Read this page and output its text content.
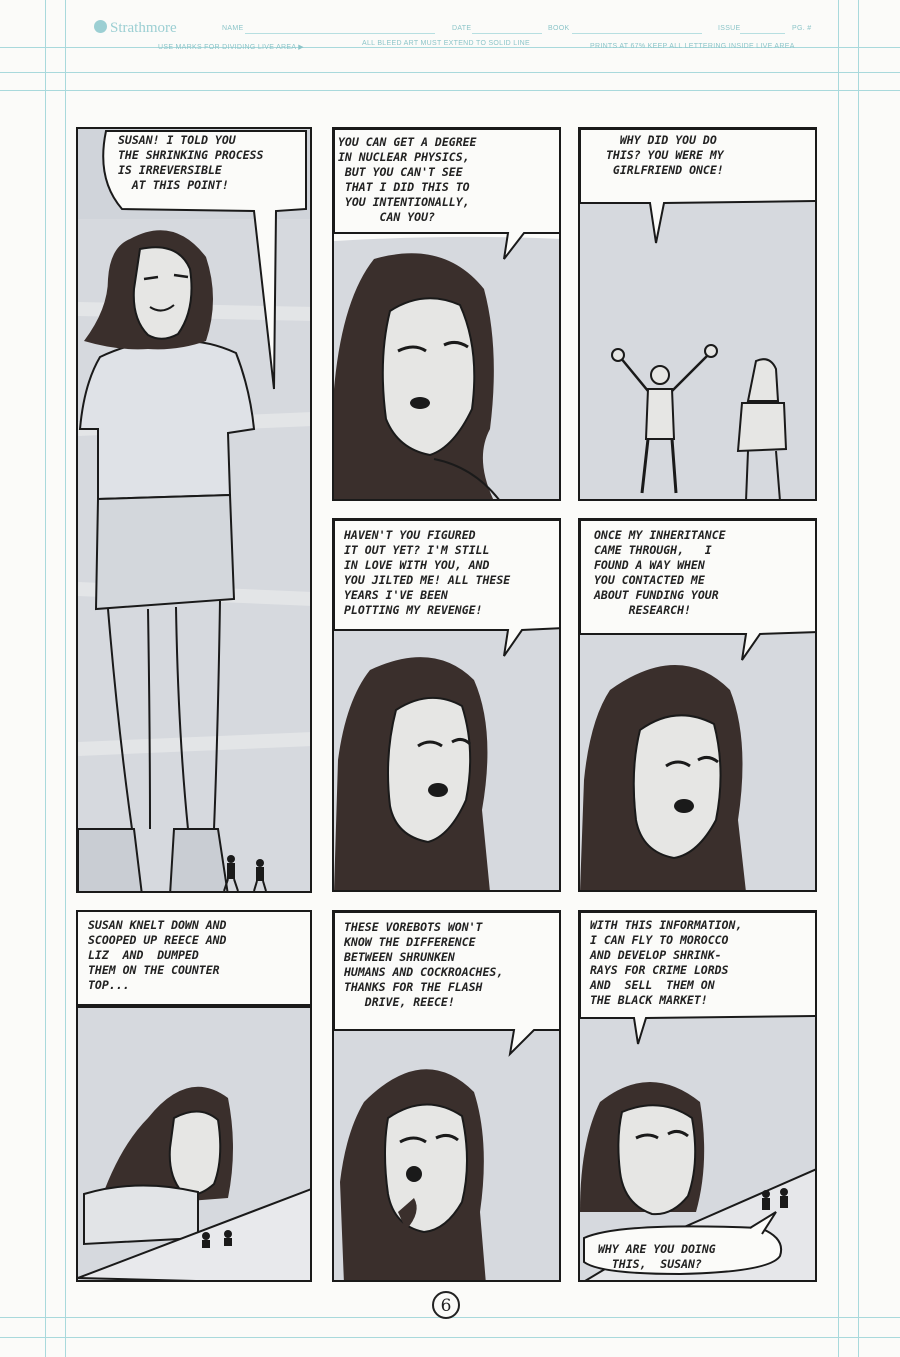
Strathmore	NAME	DATE	BOOK	ISSUE	PG. #
USE MARKS FOR DIVIDING LIVE AREA ▶
ALL BLEED ART MUST EXTEND TO SOLID LINE	PRINTS AT 67% KEEP ALL LETTERING INSIDE LIVE AREA
SUSAN! I TOLD YOU
THE SHRINKING PROCESS
IS IRREVERSIBLE
AT THIS POINT!
YOU CAN GET A DEGREE
IN NUCLEAR PHYSICS,
BUT YOU CAN'T SEE
THAT I DID THIS TO
YOU INTENTIONALLY,
CAN YOU?
WHY DID YOU DO
THIS? YOU WERE MY
GIRLFRIEND ONCE!
HAVEN'T YOU FIGURED
IT OUT YET? I'M STILL
IN LOVE WITH YOU, AND
YOU JILTED ME! ALL THESE
YEARS I'VE BEEN
PLOTTING MY REVENGE!
ONCE MY INHERITANCE
CAME THROUGH,   I
FOUND A WAY WHEN
YOU CONTACTED ME
ABOUT FUNDING YOUR
RESEARCH!
SUSAN KNELT DOWN AND
SCOOPED UP REECE AND
LIZ  AND  DUMPED
THEM ON THE COUNTER
TOP...
THESE VOREBOTS WON'T
KNOW THE DIFFERENCE
BETWEEN SHRUNKEN
HUMANS AND COCKROACHES,
THANKS FOR THE FLASH
DRIVE, REECE!
WITH THIS INFORMATION,
I CAN FLY TO MOROCCO
AND DEVELOP SHRINK-
RAYS FOR CRIME LORDS
AND  SELL  THEM ON
THE BLACK MARKET!
WHY ARE YOU DOING
THIS,  SUSAN?
6
